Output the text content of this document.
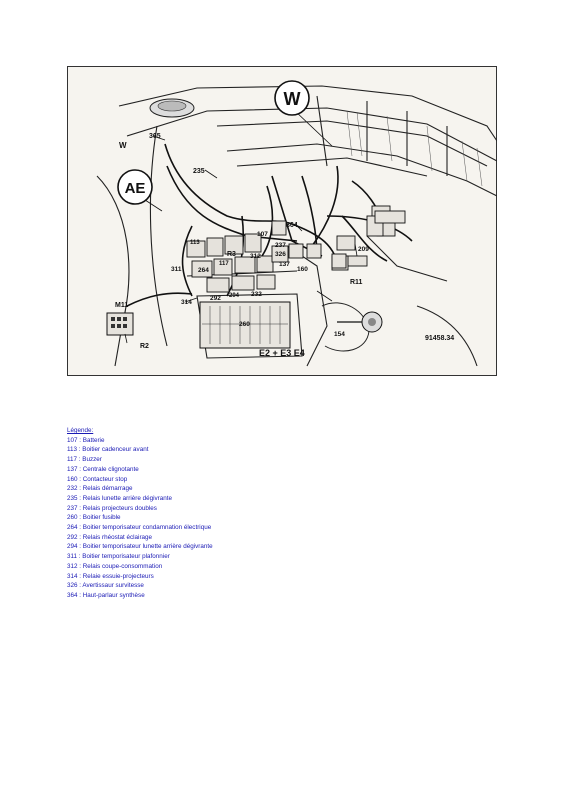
W
AE
365
235
113
107
364
237
326
209
R3 312
117
311	264
137
160
R11
314
292 294 232
M11
260
R2
154
91458.34
E2 + E3 E4
W
Légende:
107 : Batterie
113 : Boitier cadenceur avant
117 : Buzzer
137 : Centrale clignotante
160 : Contacteur stop
232 : Relais démarrage
235 : Relais lunette arrière dégivrante
237 : Relais projecteurs doubles
260 : Boitier fusible
264 : Boitier temporisateur condamnation électrique
292 : Relais rhéostat éclairage
294 : Boitier temporisateur lunette arrière dégivrante
311 : Boitier temporisateur plafonnier
312 : Relais coupe-consommation
314 : Relaie essuie-projecteurs
326 : Avertissaur survitesse
364 : Haut-parlaur synthèse
